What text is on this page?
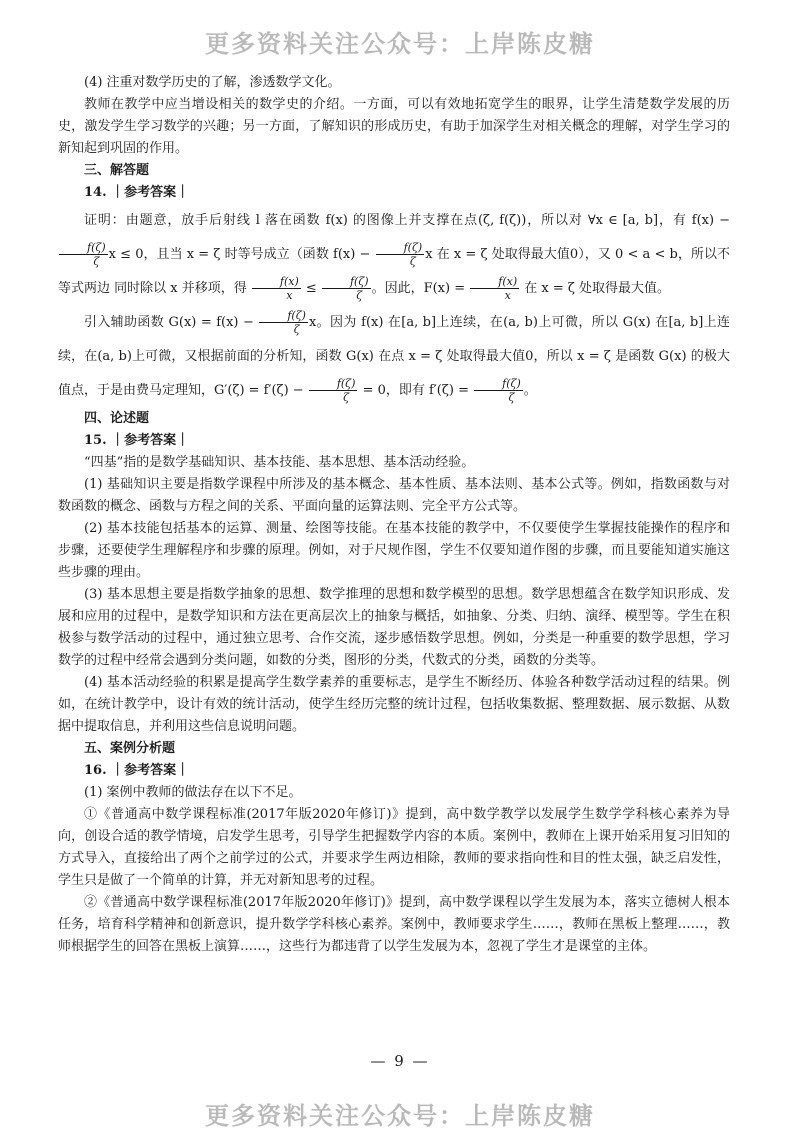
更多资料关注公众号：上岸陈皮糖

(4) 注重对数学历史的了解，渗透数学文化。

教师在教学中应当增设相关的数学史的介绍。一方面，可以有效地拓宽学生的眼界，让学生清楚数学发展的历史，激发学生学习数学的兴趣；另一方面，了解知识的形成历史，有助于加深学生对相关概念的理解，对学生学习的新知起到巩固的作用。

三、解答题

14. ｜参考答案｜

证明：由题意，放手后射线 l 落在函数 f(x) 的图像上并支撑在点(ζ, f(ζ))，所以对 ∀x ∈ [a, b]，有 f(x) −
$\frac{f(\zeta)}{\zeta}$ x ≤ 0，且当 x = ζ 时等号成立（函数 $f(x) - \frac{f(\zeta)}{\zeta}$ x 在 x = ζ 处取得最大值0），又 0 < a < b，所以不等式两边 同时除以 x 并移项，得 $\frac{f(x)}{x} \le \frac{f(\zeta)}{\zeta}$ 。因此，$F(x) = \frac{f(x)}{x}$ 在 x = ζ 处取得最大值。

引入辅助函数 $G(x) = f(x) - \frac{f(\zeta)}{\zeta}$ x。因为 f(x) 在[a, b]上连续，在(a, b)上可微，所以 G(x) 在[a, b]上连续，在(a, b)上可微，又根据前面的分析知，函数 G(x) 在点 x = ζ 处取得最大值0，所以 x = ζ 是函数 G(x) 的极大值点，于是由费马定理知，$G'(\zeta) = f'(\zeta) - \frac{f(\zeta)}{\zeta} = 0$，即有 $f'(\zeta) = \frac{f(\zeta)}{\zeta}$ 。

四、论述题

15. ｜参考答案｜

“四基”指的是数学基础知识、基本技能、基本思想、基本活动经验。

(1) 基础知识主要是指数学课程中所涉及的基本概念、基本性质、基本法则、基本公式等。例如，指数函数与对数函数的概念、函数与方程之间的关系、平面向量的运算法则、完全平方公式等。

(2) 基本技能包括基本的运算、测量、绘图等技能。在基本技能的教学中，不仅要使学生掌握技能操作的程序和步骤，还要使学生理解程序和步骤的原理。例如，对于尺规作图，学生不仅要知道作图的步骤，而且要能知道实施这些步骤的理由。

(3) 基本思想主要是指数学抽象的思想、数学推理的思想和数学模型的思想。数学思想蕴含在数学知识形成、发展和应用的过程中，是数学知识和方法在更高层次上的抽象与概括，如抽象、分类、归纳、演绎、模型等。学生在积极参与数学活动的过程中，通过独立思考、合作交流，逐步感悟数学思想。例如，分类是一种重要的数学思想，学习数学的过程中经常会遇到分类问题，如数的分类，图形的分类，代数式的分类，函数的分类等。

(4) 基本活动经验的积累是提高学生数学素养的重要标志，是学生不断经历、体验各种数学活动过程的结果。例如，在统计教学中，设计有效的统计活动，使学生经历完整的统计过程，包括收集数据、整理数据、展示数据、从数据中提取信息，并利用这些信息说明问题。

五、案例分析题

16. ｜参考答案｜

(1) 案例中教师的做法存在以下不足。

①《普通高中数学课程标准(2017年版2020年修订)》提到，高中数学教学以发展学生数学学科核心素养为导向，创设合适的教学情境，启发学生思考，引导学生把握数学内容的本质。案例中，教师在上课开始采用复习旧知的方式导入，直接给出了两个之前学过的公式，并要求学生两边相除，教师的要求指向性和目的性太强，缺乏启发性，学生只是做了一个简单的计算，并无对新知思考的过程。

②《普通高中数学课程标准(2017年版2020年修订)》提到，高中数学课程以学生发展为本，落实立德树人根本任务，培育科学精神和创新意识，提升数学学科核心素养。案例中，教师要求学生……，教师在黑板上整理……，教师根据学生的回答在黑板上演算……，这些行为都违背了以学生发展为本，忽视了学生才是课堂的主体。

— 9 —
更多资料关注公众号：上岸陈皮糖
